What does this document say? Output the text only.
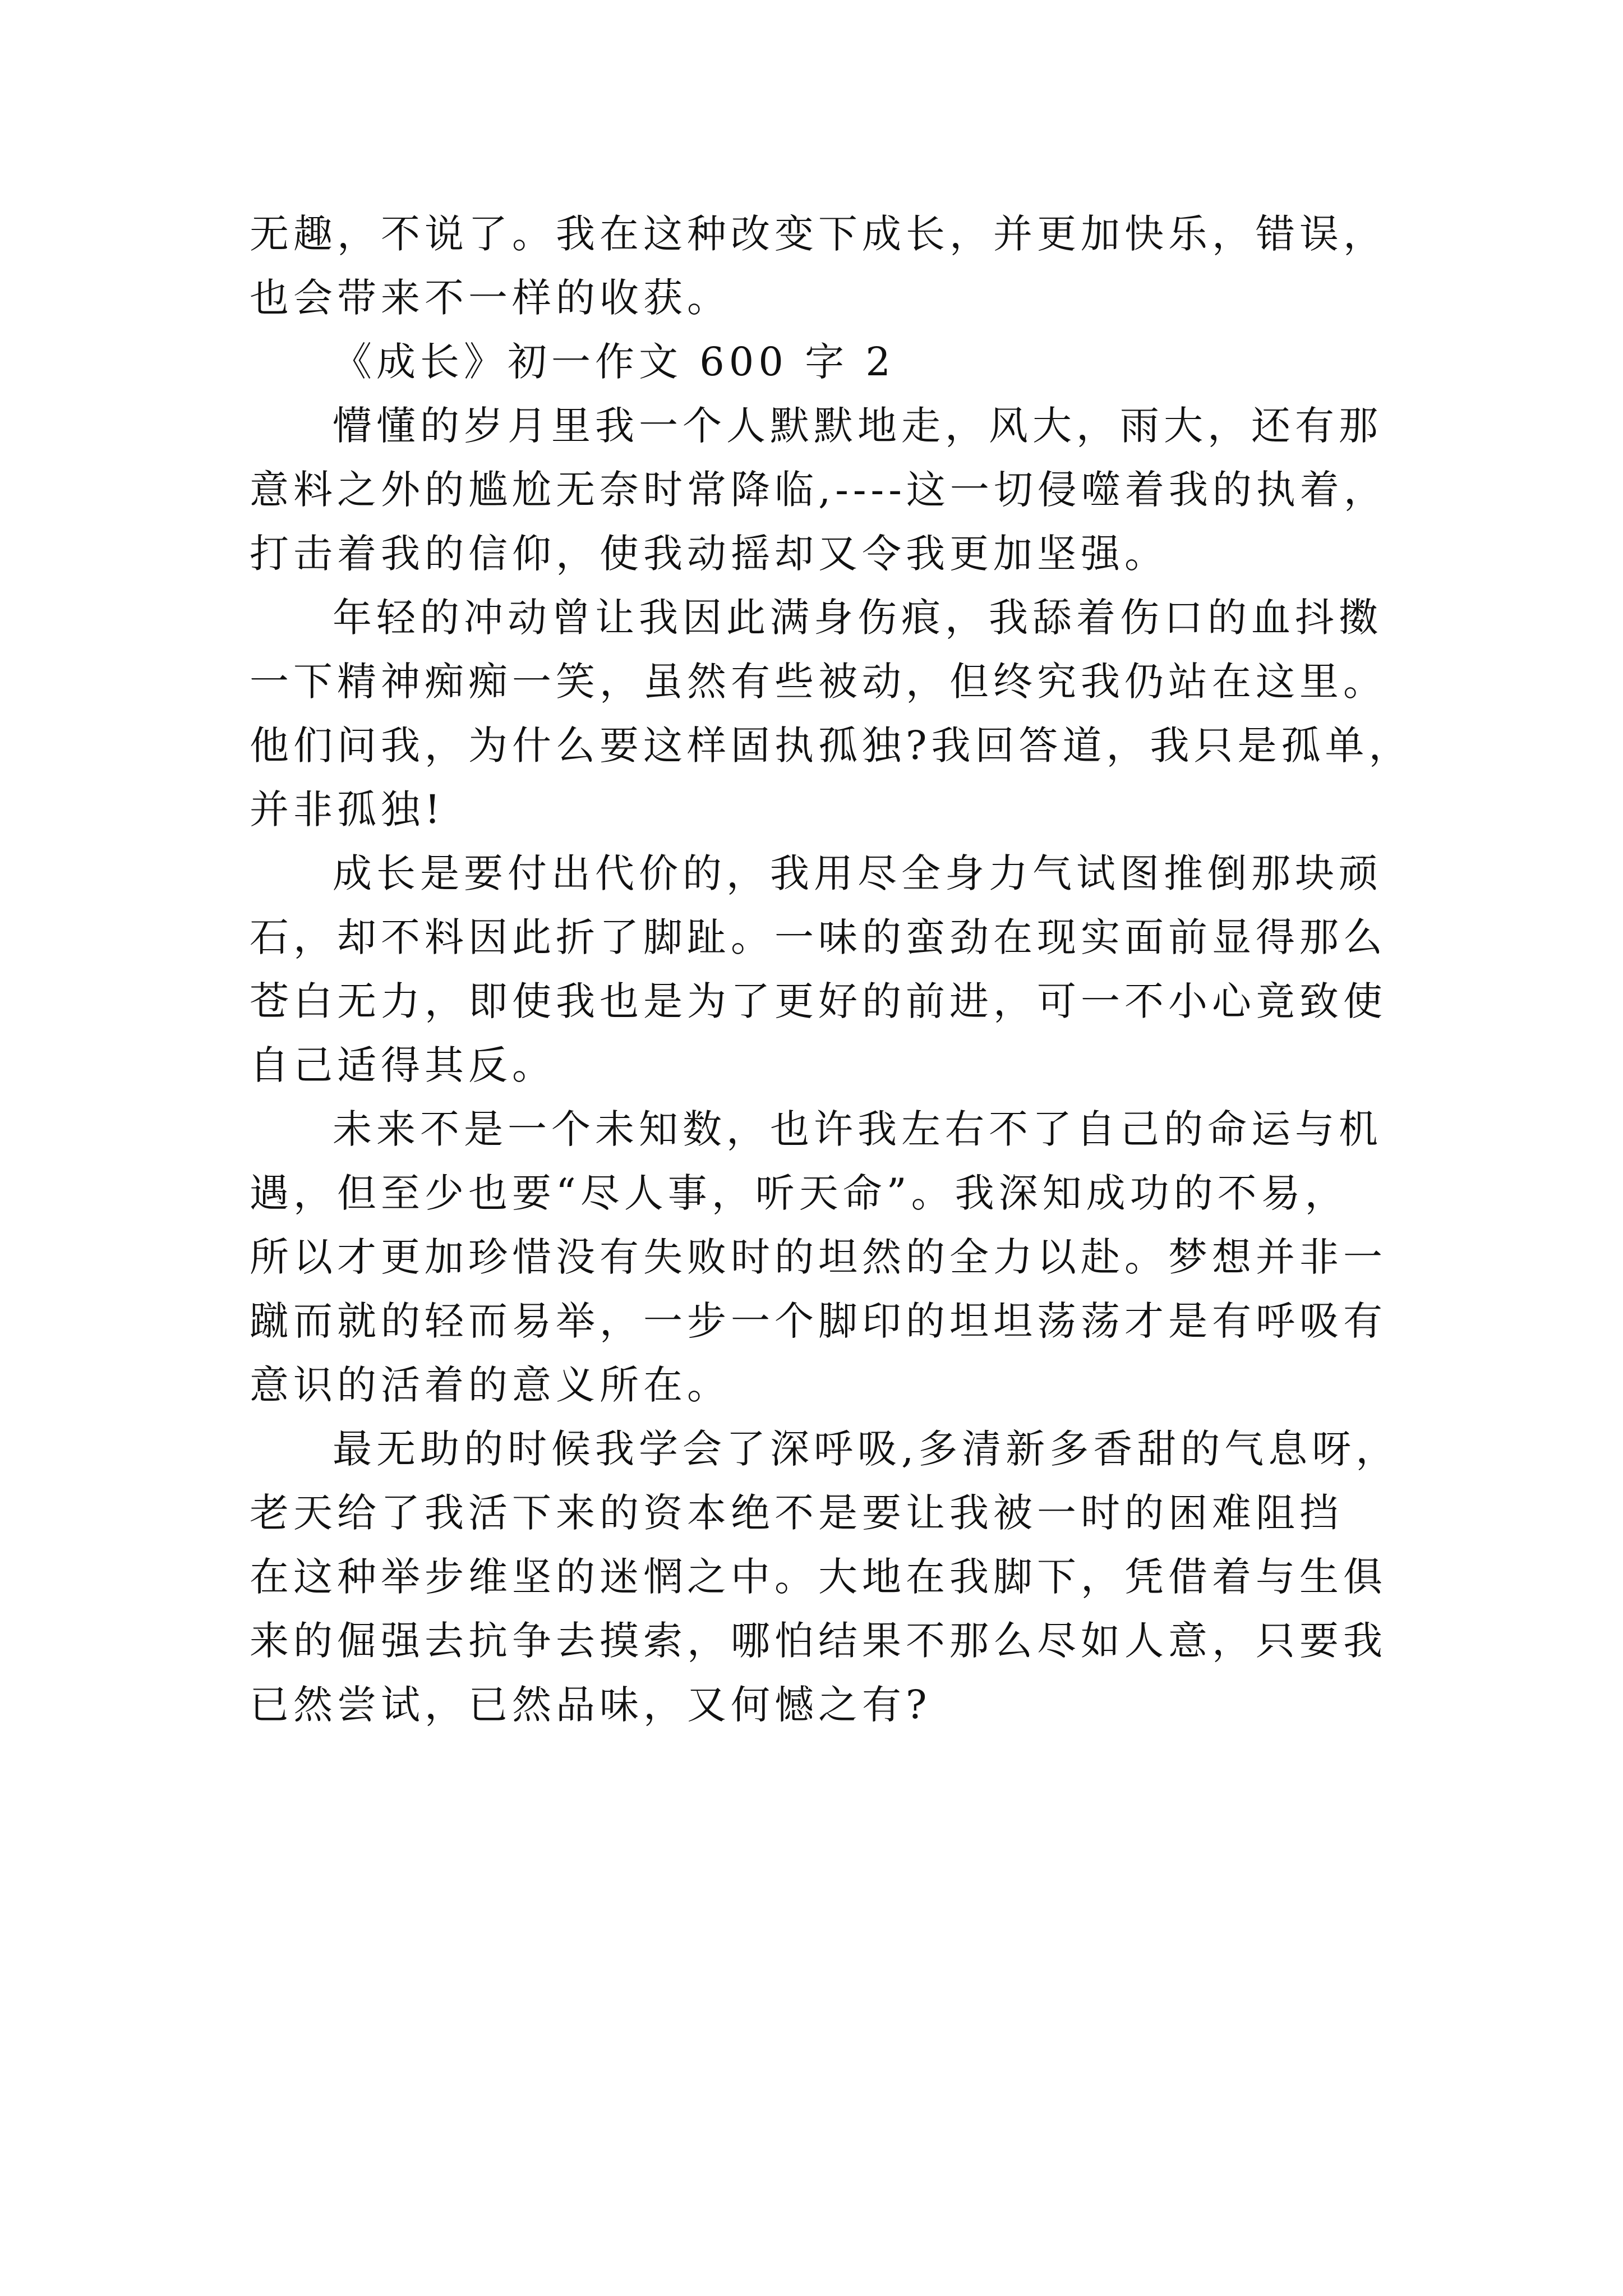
无趣，不说了。我在这种改变下成长，并更加快乐，错误，
也会带来不一样的收获。
《成长》初一作文 600 字 2
懵懂的岁月里我一个人默默地走，风大，雨大，还有那
意料之外的尴尬无奈时常降临,----这一切侵噬着我的执着，
打击着我的信仰，使我动摇却又令我更加坚强。
年轻的冲动曾让我因此满身伤痕，我舔着伤口的血抖擞
一下精神痴痴一笑，虽然有些被动，但终究我仍站在这里。
他们问我，为什么要这样固执孤独?我回答道，我只是孤单，
并非孤独!
成长是要付出代价的，我用尽全身力气试图推倒那块顽
石，却不料因此折了脚趾。一味的蛮劲在现实面前显得那么
苍白无力，即使我也是为了更好的前进，可一不小心竟致使
自己适得其反。
未来不是一个未知数，也许我左右不了自己的命运与机
遇，但至少也要“尽人事，听天命”。我深知成功的不易，
所以才更加珍惜没有失败时的坦然的全力以赴。梦想并非一
蹴而就的轻而易举，一步一个脚印的坦坦荡荡才是有呼吸有
意识的活着的意义所在。
最无助的时候我学会了深呼吸,多清新多香甜的气息呀，
老天给了我活下来的资本绝不是要让我被一时的困难阻挡
在这种举步维坚的迷惘之中。大地在我脚下，凭借着与生俱
来的倔强去抗争去摸索，哪怕结果不那么尽如人意，只要我
已然尝试，已然品味，又何憾之有?
